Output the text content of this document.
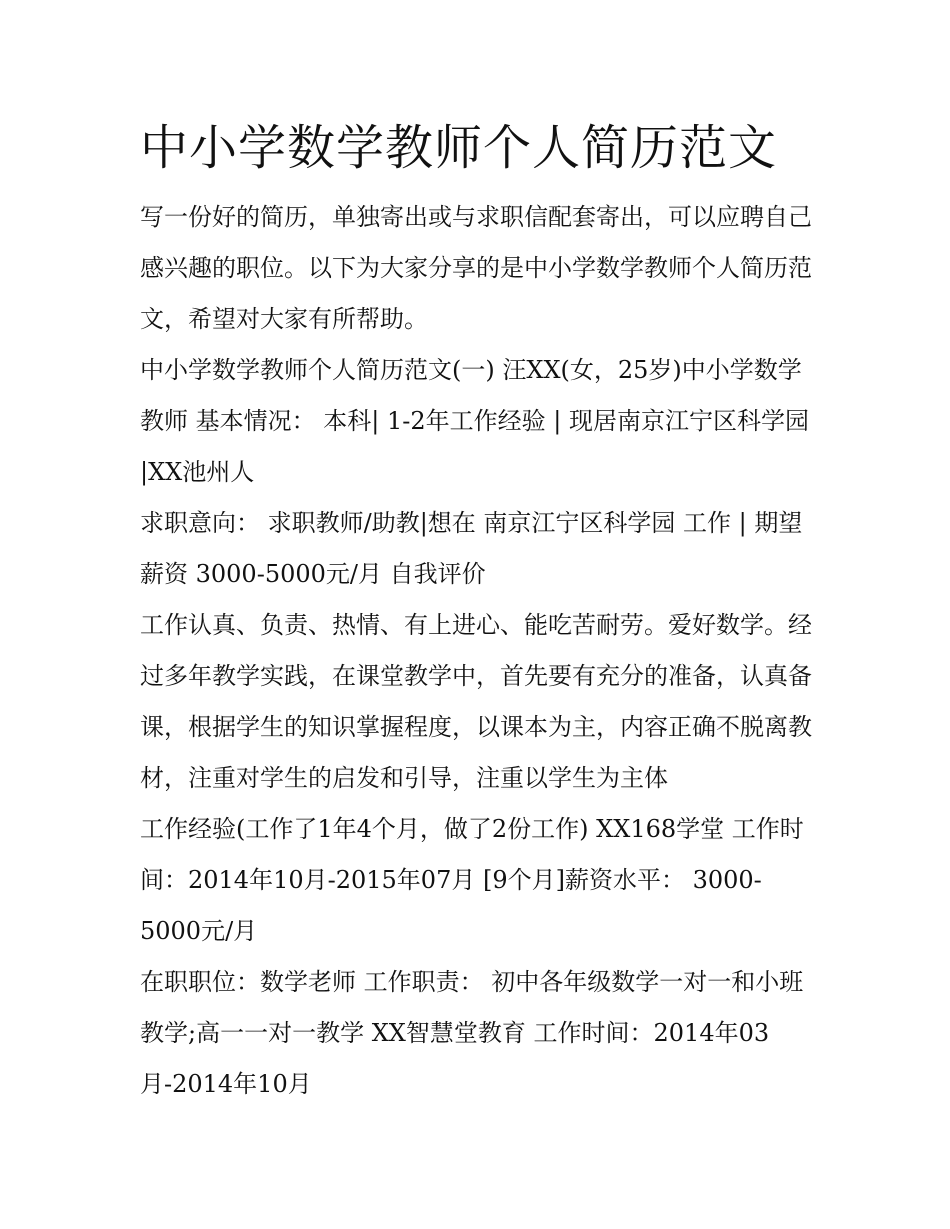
中小学数学教师个人简历范文

写一份好的简历，单独寄出或与求职信配套寄出，可以应聘自己感兴趣的职位。以下为大家分享的是中小学数学教师个人简历范文，希望对大家有所帮助。

中小学数学教师个人简历范文(一) 汪XX(女，25岁)中小学数学教师 基本情况： 本科| 1-2年工作经验 | 现居南京江宁区科学园 |XX池州人

求职意向： 求职教师/助教|想在 南京江宁区科学园 工作 | 期望薪资 3000-5000元/月 自我评价

工作认真、负责、热情、有上进心、能吃苦耐劳。爱好数学。经过多年教学实践，在课堂教学中，首先要有充分的准备，认真备课，根据学生的知识掌握程度，以课本为主，内容正确不脱离教材，注重对学生的启发和引导，注重以学生为主体

工作经验(工作了1年4个月，做了2份工作) XX168学堂 工作时间：2014年10月-2015年07月 [9个月]薪资水平： 3000-5000元/月

在职职位：数学老师 工作职责： 初中各年级数学一对一和小班教学;高一一对一教学 XX智慧堂教育 工作时间：2014年03月-2014年10月
